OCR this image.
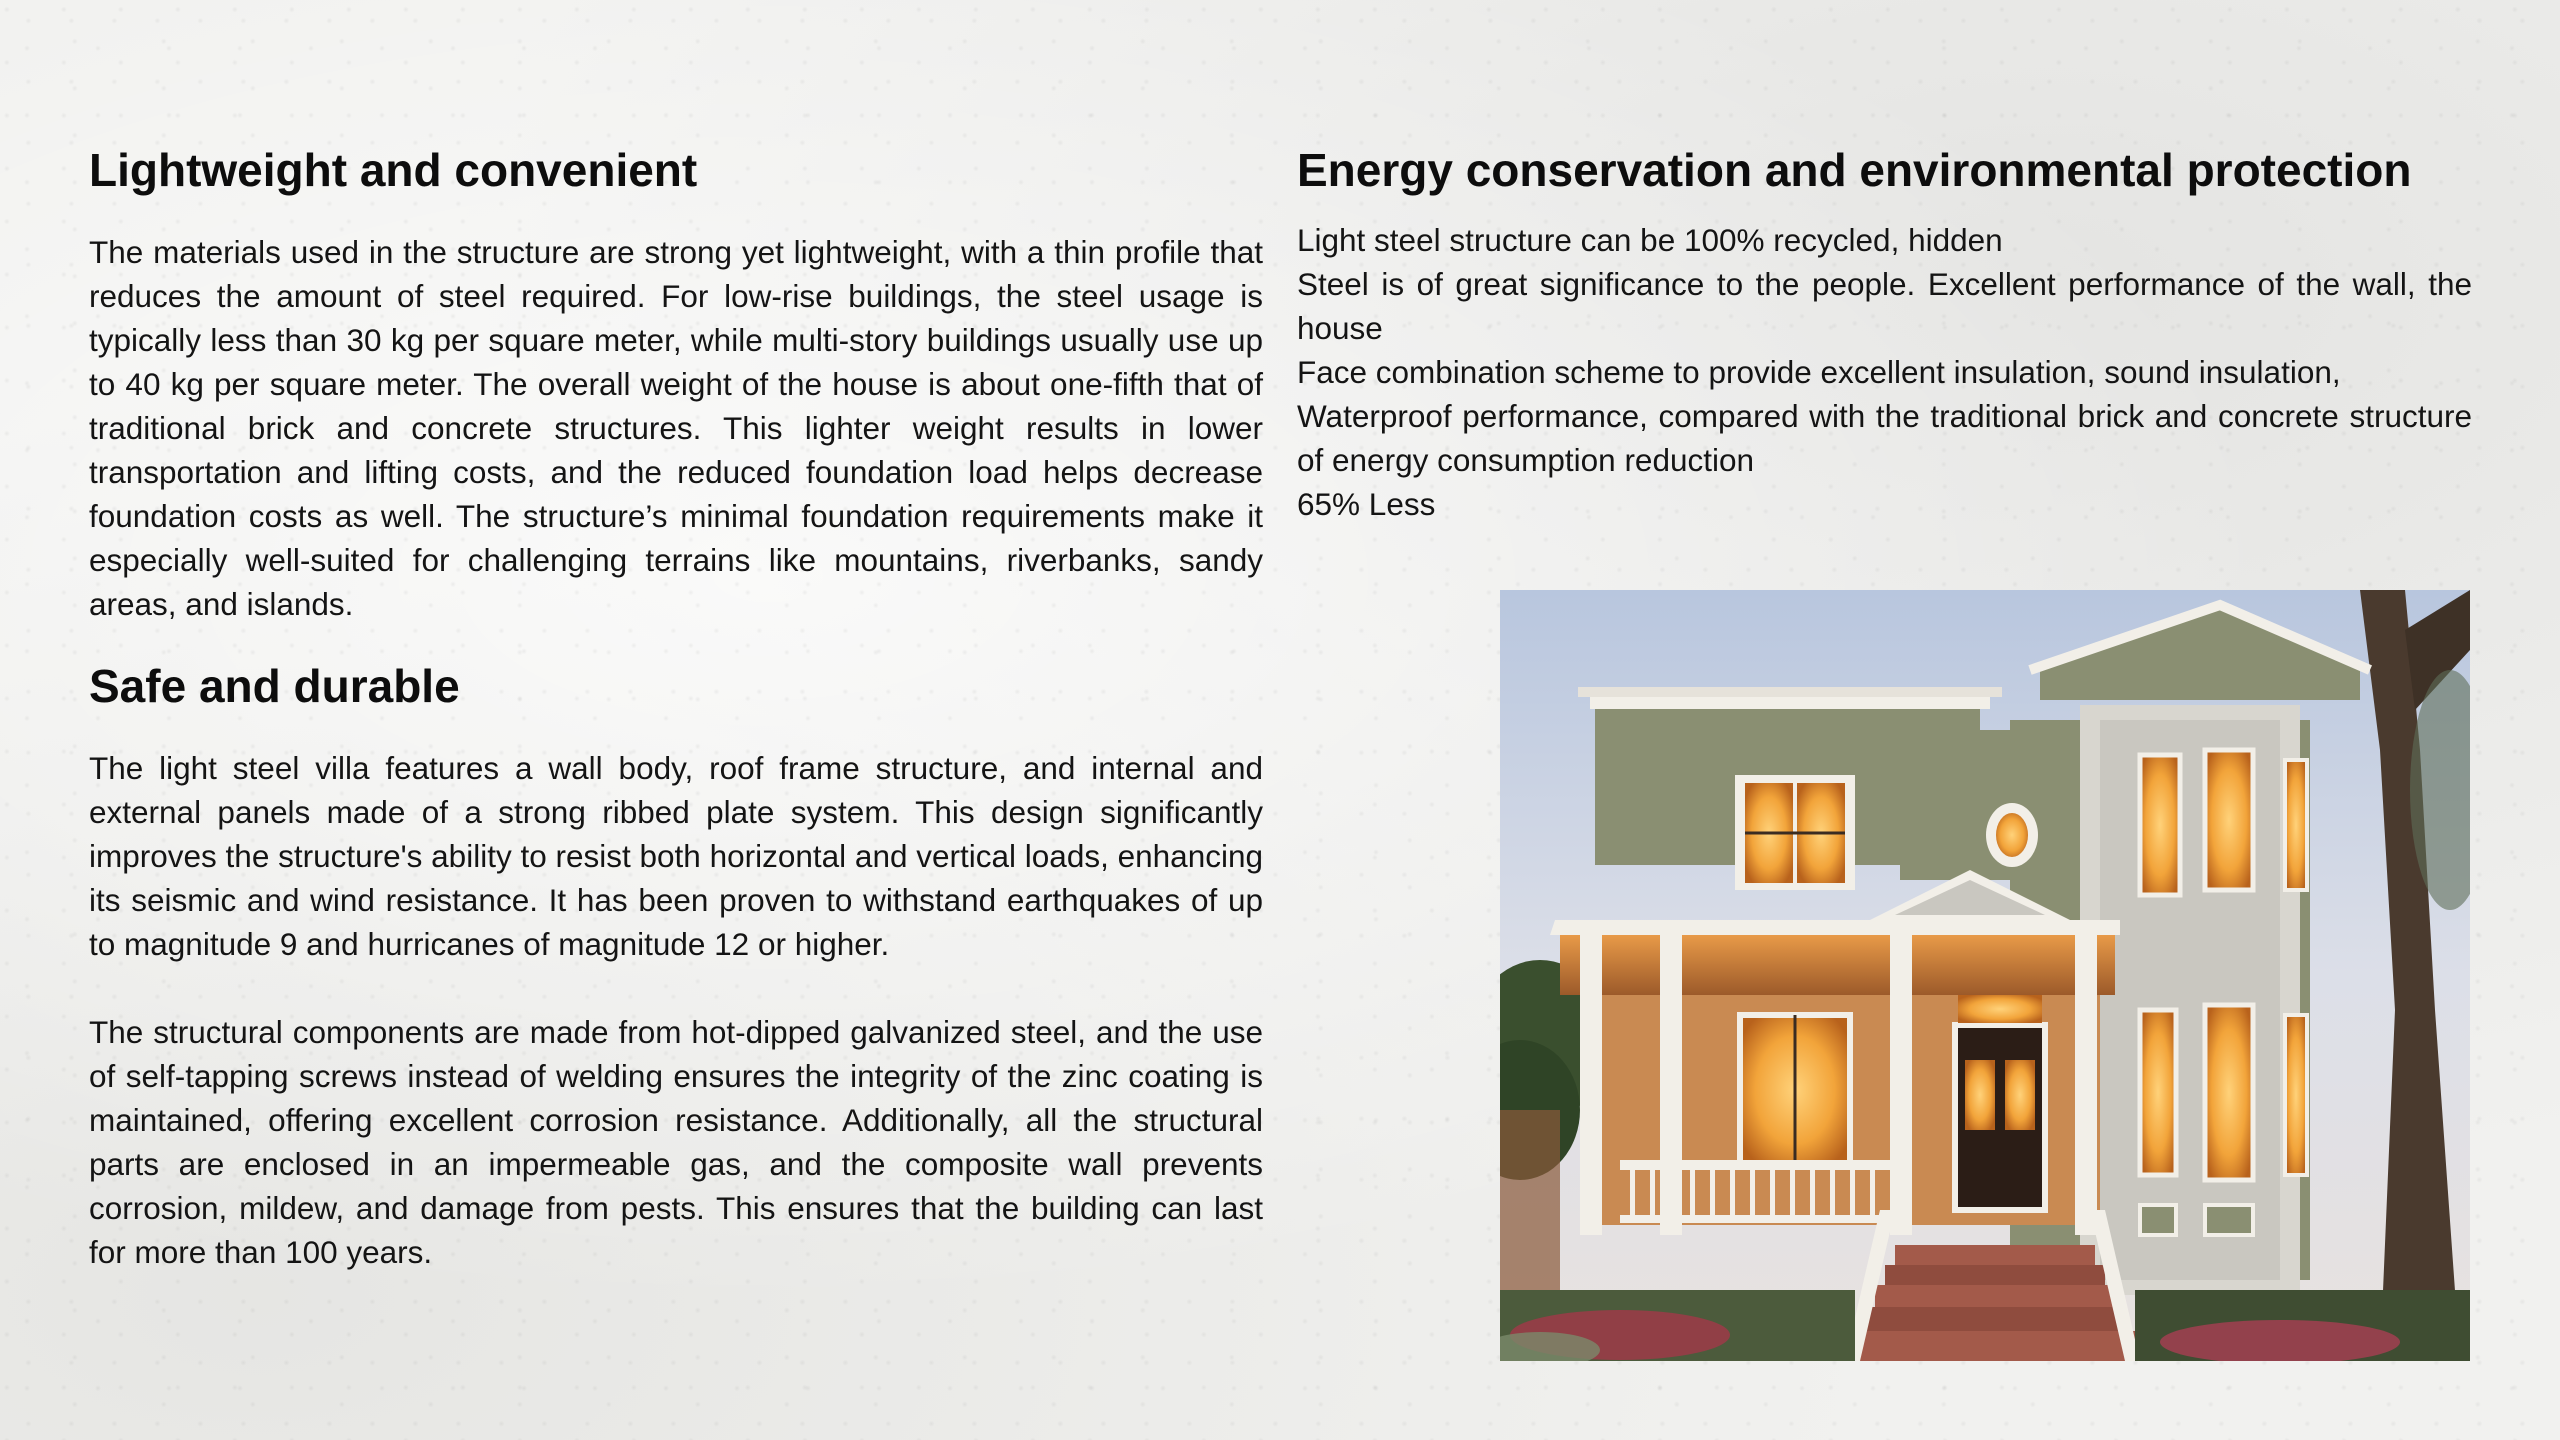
Lightweight and convenient

The materials used in the structure are strong yet lightweight, with a thin profile that reduces the amount of steel required. For low-rise buildings, the steel usage is typically less than 30 kg per square meter, while multi-story buildings usually use up to 40 kg per square meter. The overall weight of the house is about one-fifth that of traditional brick and concrete structures. This lighter weight results in lower transportation and lifting costs, and the reduced foundation load helps decrease foundation costs as well. The structure’s minimal foundation requirements make it especially well-suited for challenging terrains like mountains, riverbanks, sandy areas, and islands.

Safe and durable

The light steel villa features a wall body, roof frame structure, and internal and external panels made of a strong ribbed plate system. This design significantly improves the structure's ability to resist both horizontal and vertical loads, enhancing its seismic and wind resistance. It has been proven to withstand earthquakes of up to magnitude 9 and hurricanes of magnitude 12 or higher.

The structural components are made from hot-dipped galvanized steel, and the use of self-tapping screws instead of welding ensures the integrity of the zinc coating is maintained, offering excellent corrosion resistance. Additionally, all the structural parts are enclosed in an impermeable gas, and the composite wall prevents corrosion, mildew, and damage from pests. This ensures that the building can last for more than 100 years.

Energy conservation and environmental protection
Light steel structure can be 100% recycled, hidden
Steel is of great significance to the people. Excellent performance of the wall, the house
Face combination scheme to provide excellent insulation, sound insulation,
Waterproof performance, compared with the traditional brick and concrete structure of energy consumption reduction
65% Less
